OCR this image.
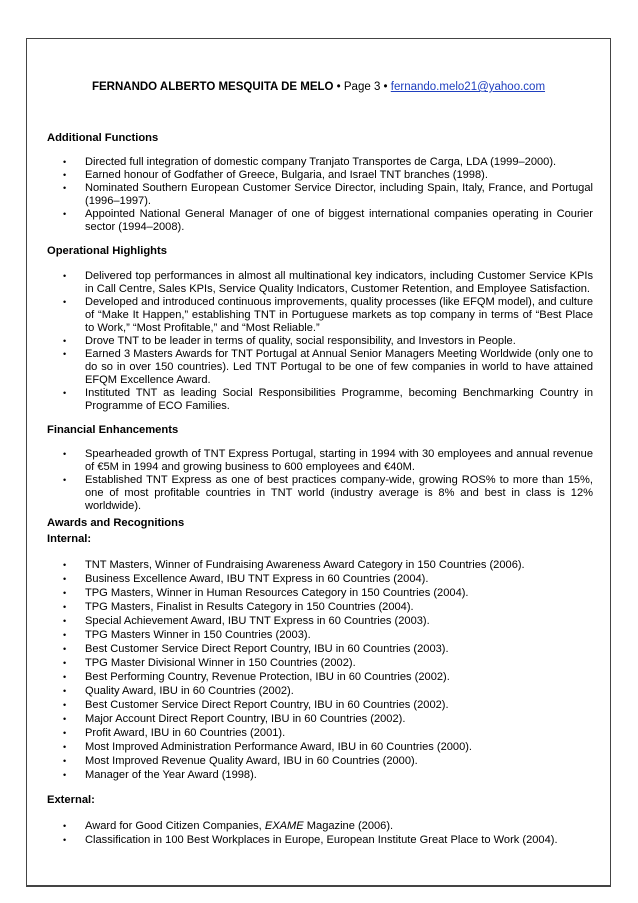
FERNANDO ALBERTO MESQUITA DE MELO • Page 3 • fernando.melo21@yahoo.com
Additional Functions
• Directed full integration of domestic company Tranjato Transportes de Carga, LDA (1999–2000).
• Earned honour of Godfather of Greece, Bulgaria, and Israel TNT branches (1998).
• Nominated Southern European Customer Service Director, including Spain, Italy, France, and Portugal (1996–1997).
• Appointed National General Manager of one of biggest international companies operating in Courier sector (1994–2008).
Operational Highlights
• Delivered top performances in almost all multinational key indicators, including Customer Service KPIs in Call Centre, Sales KPIs, Service Quality Indicators, Customer Retention, and Employee Satisfaction.
• Developed and introduced continuous improvements, quality processes (like EFQM model), and culture of “Make It Happen,” establishing TNT in Portuguese markets as top company in terms of “Best Place to Work,” “Most Profitable,” and “Most Reliable.”
• Drove TNT to be leader in terms of quality, social responsibility, and Investors in People.
• Earned 3 Masters Awards for TNT Portugal at Annual Senior Managers Meeting Worldwide (only one to do so in over 150 countries). Led TNT Portugal to be one of few companies in world to have attained EFQM Excellence Award.
• Instituted TNT as leading Social Responsibilities Programme, becoming Benchmarking Country in Programme of ECO Families.
Financial Enhancements
• Spearheaded growth of TNT Express Portugal, starting in 1994 with 30 employees and annual revenue of €5M in 1994 and growing business to 600 employees and €40M.
• Established TNT Express as one of best practices company-wide, growing ROS% to more than 15%, one of most profitable countries in TNT world (industry average is 8% and best in class is 12% worldwide).
Awards and Recognitions
Internal:
• TNT Masters, Winner of Fundraising Awareness Award Category in 150 Countries (2006).
• Business Excellence Award, IBU TNT Express in 60 Countries (2004).
• TPG Masters, Winner in Human Resources Category in 150 Countries (2004).
• TPG Masters, Finalist in Results Category in 150 Countries (2004).
• Special Achievement Award, IBU TNT Express in 60 Countries (2003).
• TPG Masters Winner in 150 Countries (2003).
• Best Customer Service Direct Report Country, IBU in 60 Countries (2003).
• TPG Master Divisional Winner in 150 Countries (2002).
• Best Performing Country, Revenue Protection, IBU in 60 Countries (2002).
• Quality Award, IBU in 60 Countries (2002).
• Best Customer Service Direct Report Country, IBU in 60 Countries (2002).
• Major Account Direct Report Country, IBU in 60 Countries (2002).
• Profit Award, IBU in 60 Countries (2001).
• Most Improved Administration Performance Award, IBU in 60 Countries (2000).
• Most Improved Revenue Quality Award, IBU in 60 Countries (2000).
• Manager of the Year Award (1998).
External:
• Award for Good Citizen Companies, EXAME Magazine (2006).
• Classification in 100 Best Workplaces in Europe, European Institute Great Place to Work (2004).
